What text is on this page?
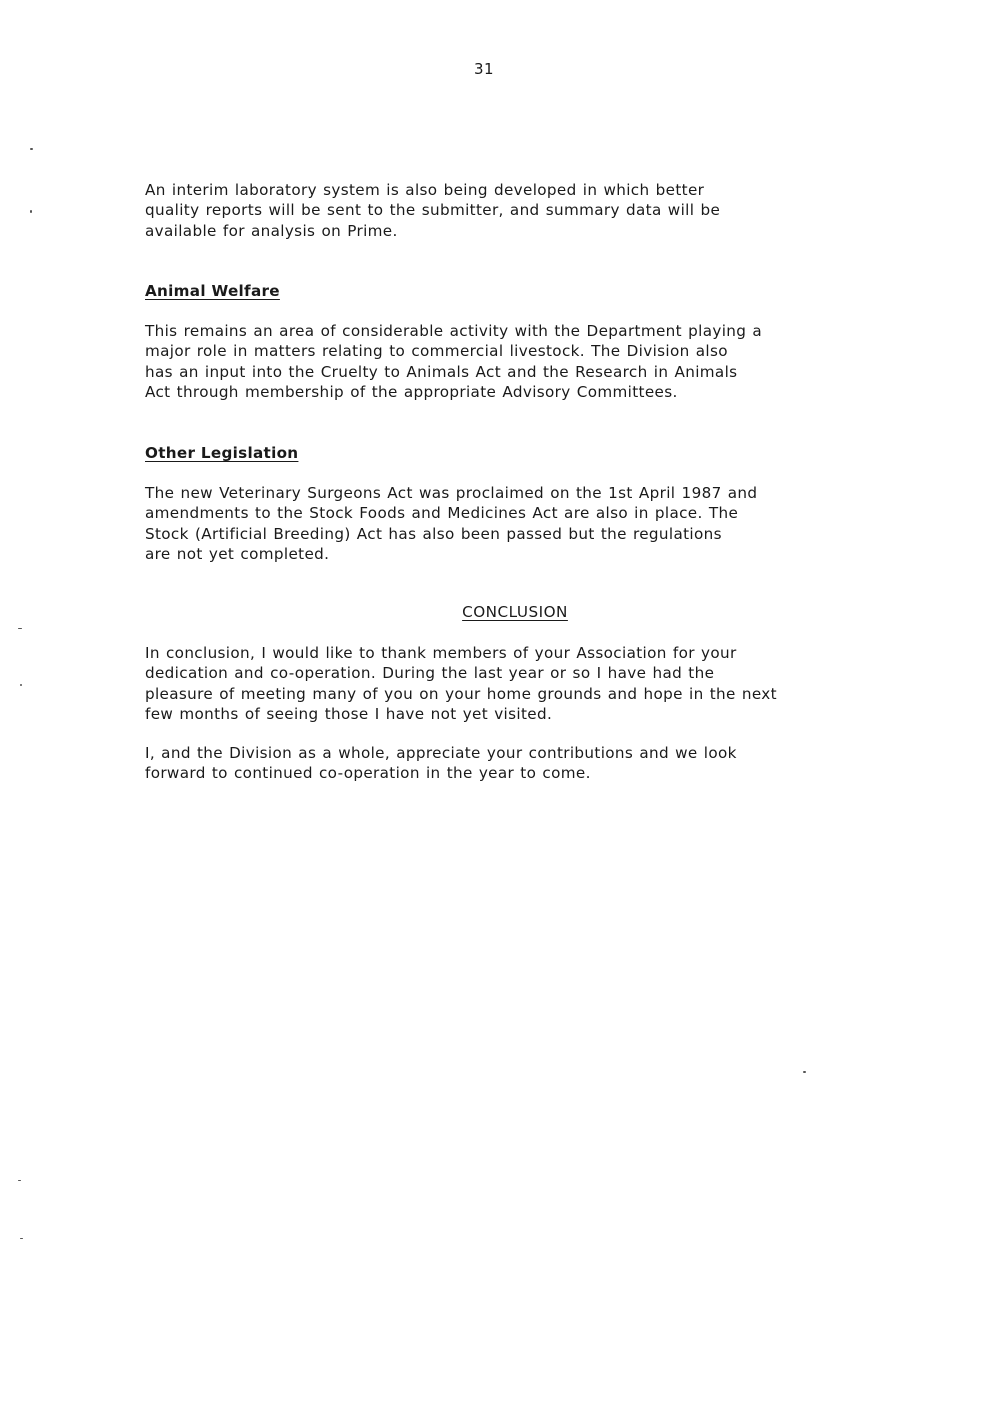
31

An interim laboratory system is also being developed in which better
quality reports will be sent to the submitter, and summary data will be
available for analysis on Prime.

Animal Welfare

This remains an area of considerable activity with the Department playing a
major role in matters relating to commercial livestock. The Division also
has an input into the Cruelty to Animals Act and the Research in Animals
Act through membership of the appropriate Advisory Committees.

Other Legislation

The new Veterinary Surgeons Act was proclaimed on the 1st April 1987 and
amendments to the Stock Foods and Medicines Act are also in place. The
Stock (Artificial Breeding) Act has also been passed but the regulations
are not yet completed.

CONCLUSION

In conclusion, I would like to thank members of your Association for your
dedication and co-operation. During the last year or so I have had the
pleasure of meeting many of you on your home grounds and hope in the next
few months of seeing those I have not yet visited.

I, and the Division as a whole, appreciate your contributions and we look
forward to continued co-operation in the year to come.
